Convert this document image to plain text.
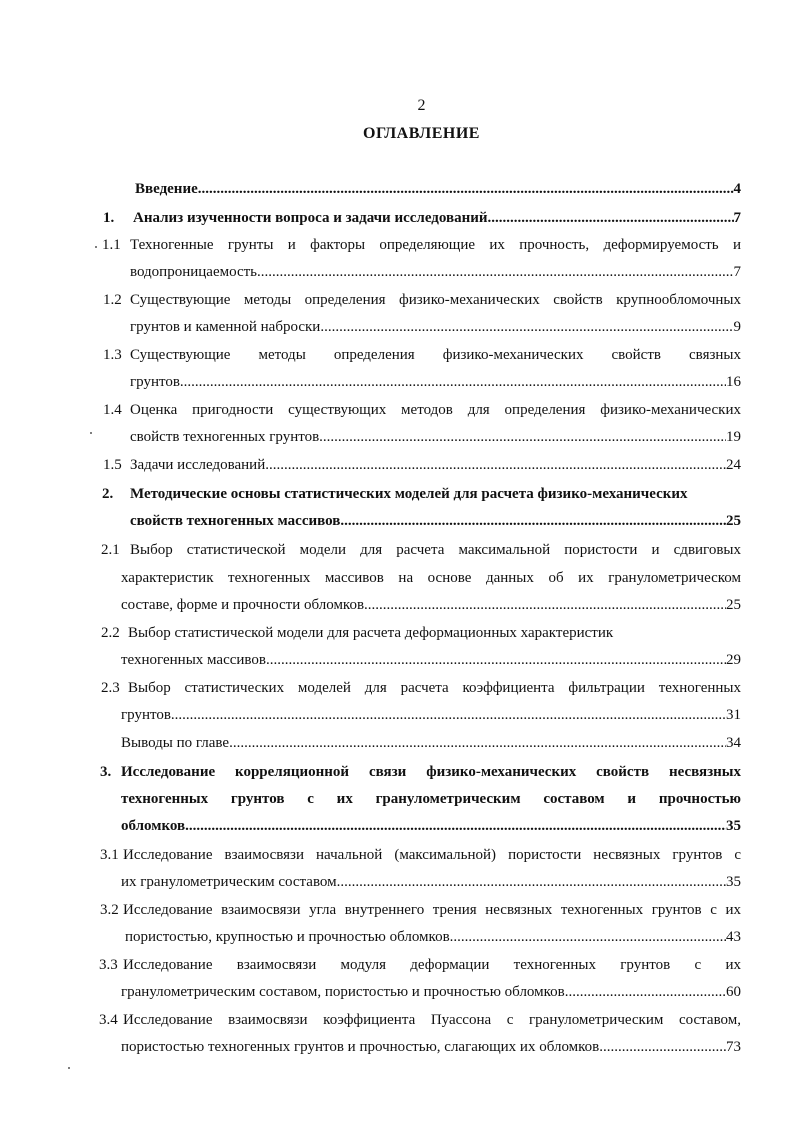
2
ОГЛАВЛЕНИЕ
Введение .....	4
1. Анализ изученности вопроса и задачи исследований .....	7
1.1 Техногенные грунты и факторы определяющие их прочность, деформируемость и
водопроницаемость .....	7
1.2 Существующие методы определения физико-механических свойств крупнообломочных
грунтов и каменной наброски .....	9
1.3 Существующие методы определения физико-механических свойств связных
грунтов .....	16
1.4 Оценка пригодности существующих методов для определения физико-механических
свойств техногенных грунтов .....	19
1.5 Задачи исследований .....	24
2. Методические основы статистических моделей для расчета физико-механических
свойств техногенных массивов .....	25
2.1 Выбор статистической модели для расчета максимальной пористости и сдвиговых
характеристик техногенных массивов на основе данных об их гранулометрическом
составе, форме и прочности обломков .....	25
2.2 Выбор статистической модели для расчета деформационных характеристик
техногенных массивов .....	29
2.3 Выбор статистических моделей для расчета коэффициента фильтрации техногенных
грунтов .....	31
Выводы по главе .....	34
3. Исследование корреляционной связи физико-механических свойств несвязных
техногенных грунтов с их гранулометрическим составом и прочностью
обломков .....	35
3.1 Исследование взаимосвязи начальной (максимальной) пористости несвязных грунтов с
их гранулометрическим составом .....	35
3.2 Исследование взаимосвязи угла внутреннего трения несвязных техногенных грунтов с их
пористостью, крупностью и прочностью обломков .....	43
3.3 Исследование взаимосвязи модуля деформации техногенных грунтов с их
гранулометрическим составом, пористостью и прочностью обломков .....	60
3.4 Исследование взаимосвязи коэффициента Пуассона с гранулометрическим составом,
пористостью техногенных грунтов и прочностью, слагающих их обломков .....	73
